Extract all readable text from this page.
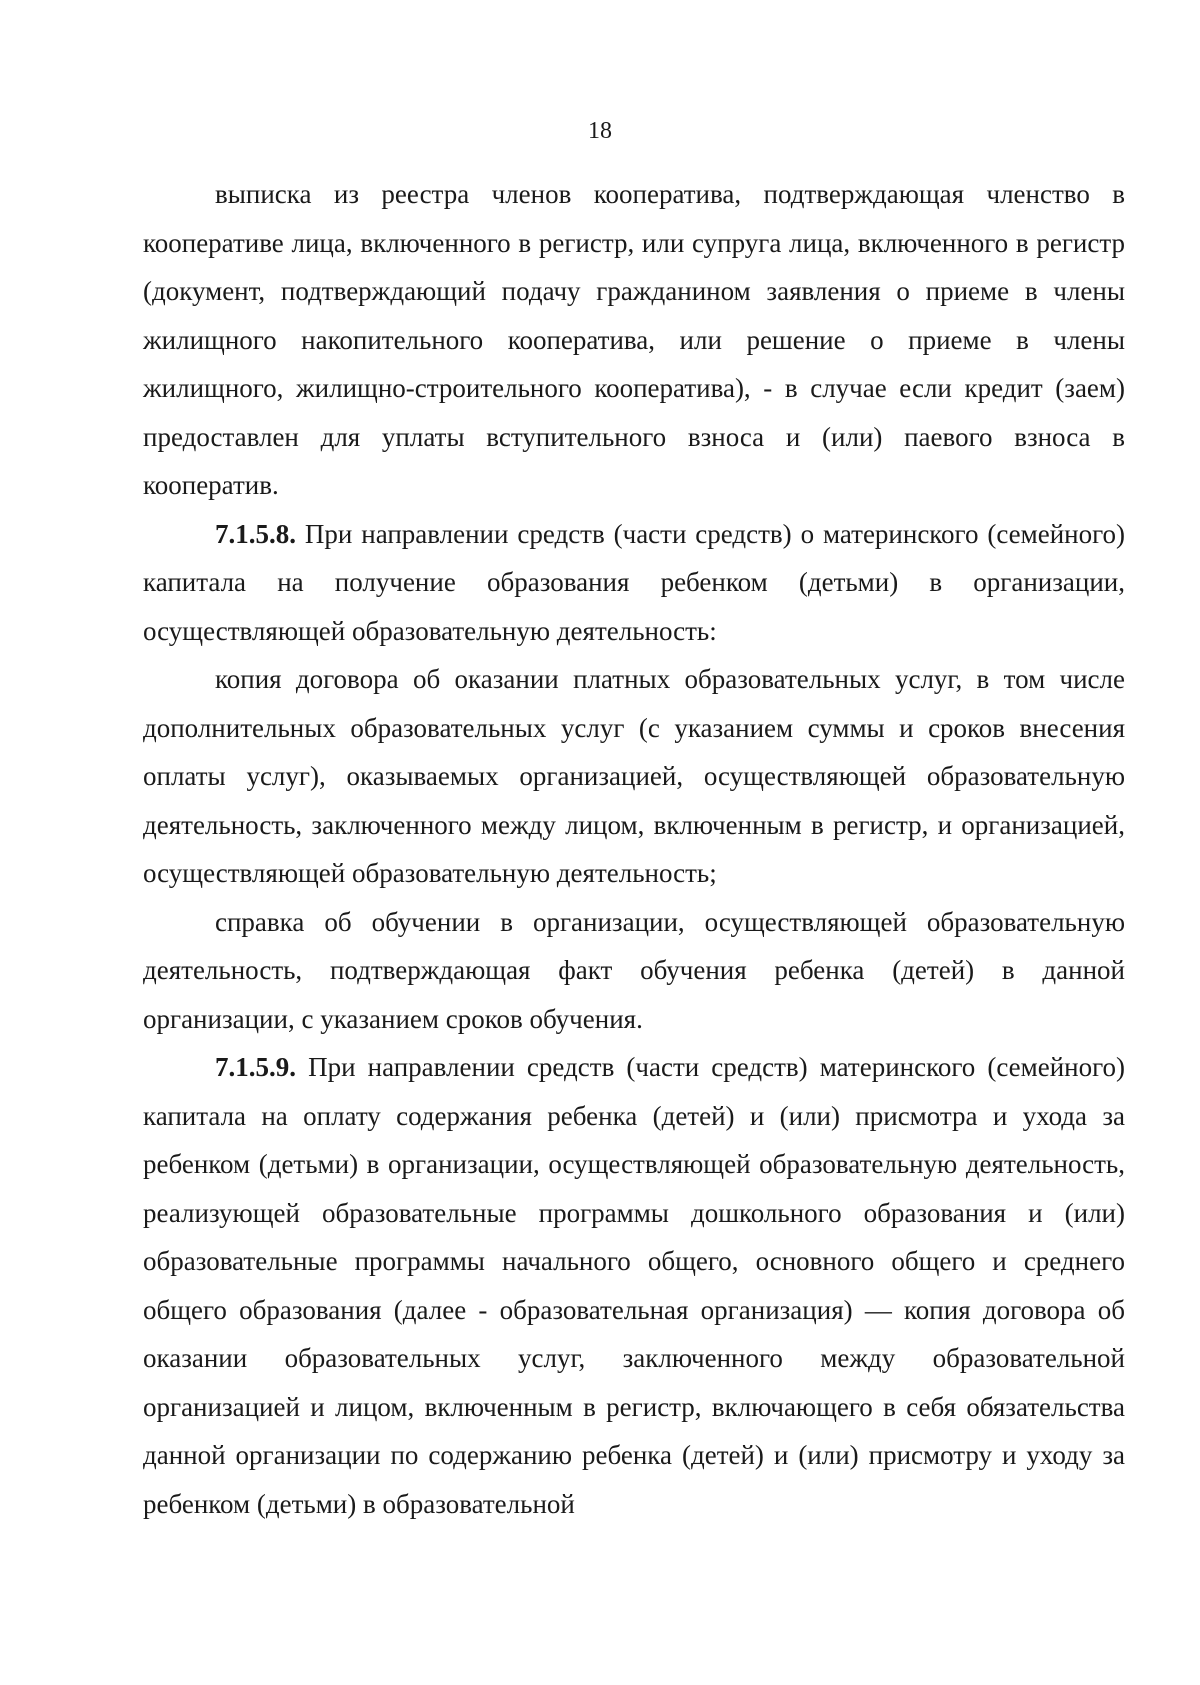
18

выписка из реестра членов кооператива, подтверждающая членство в кооперативе лица, включенного в регистр, или супруга лица, включенного в регистр (документ, подтверждающий подачу гражданином заявления о приеме в члены жилищного накопительного кооператива, или решение о приеме в члены жилищного, жилищно-строительного кооператива), - в случае если кредит (заем) предоставлен для уплаты вступительного взноса и (или) паевого взноса в кооператив.

7.1.5.8. При направлении средств (части средств) о материнского (семейного) капитала на получение образования ребенком (детьми) в организации, осуществляющей образовательную деятельность:

копия договора об оказании платных образовательных услуг, в том числе дополнительных образовательных услуг (с указанием суммы и сроков внесения оплаты услуг), оказываемых организацией, осуществляющей образовательную деятельность, заключенного между лицом, включенным в регистр, и организацией, осуществляющей образовательную деятельность;

справка об обучении в организации, осуществляющей образовательную деятельность, подтверждающая факт обучения ребенка (детей) в данной организации, с указанием сроков обучения.

7.1.5.9. При направлении средств (части средств) материнского (семейного) капитала на оплату содержания ребенка (детей) и (или) присмотра и ухода за ребенком (детьми) в организации, осуществляющей образовательную деятельность, реализующей образовательные программы дошкольного образования и (или) образовательные программы начального общего, основного общего и среднего общего образования (далее - образовательная организация) — копия договора об оказании образовательных услуг, заключенного между образовательной организацией и лицом, включенным в регистр, включающего в себя обязательства данной организации по содержанию ребенка (детей) и (или) присмотру и уходу за ребенком (детьми) в образовательной
